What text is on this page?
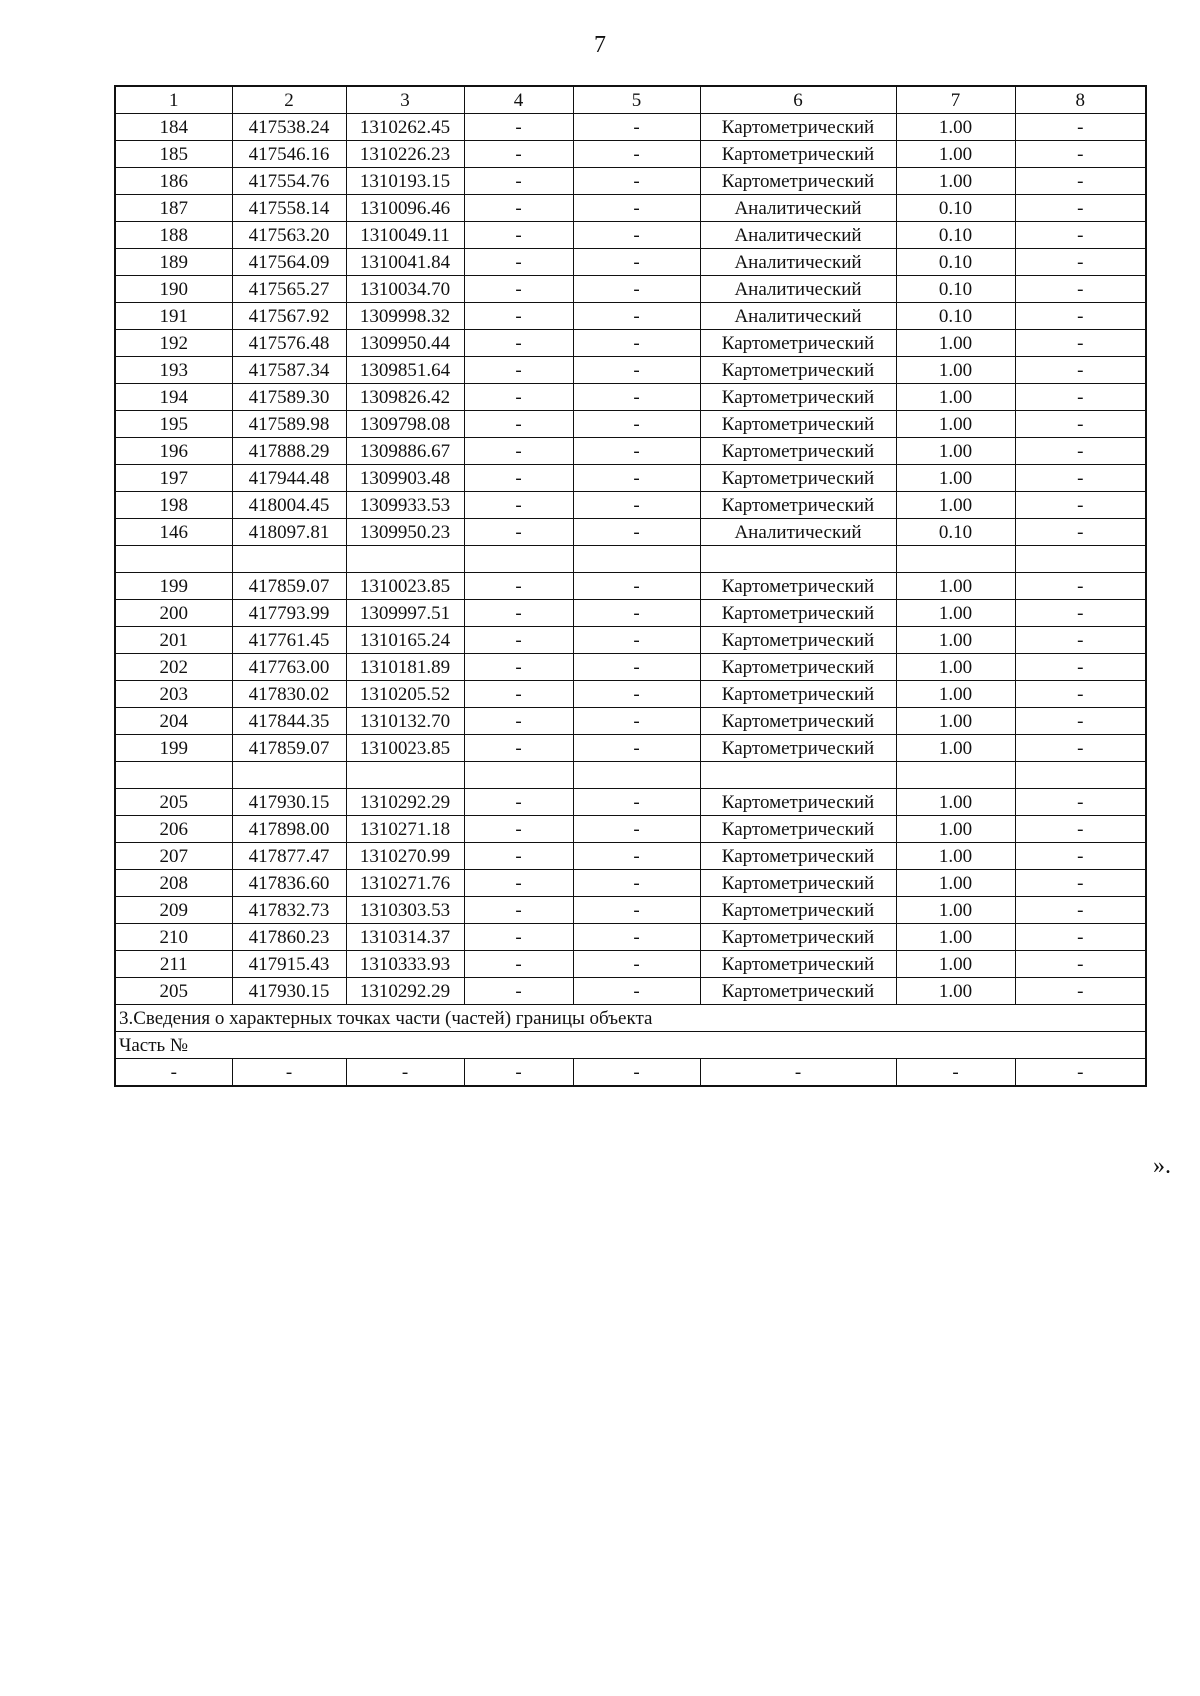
7
1	2	3	4	5	6	7	8
184	417538.24	1310262.45	-	-	Картометрический	1.00	-
185	417546.16	1310226.23	-	-	Картометрический	1.00	-
186	417554.76	1310193.15	-	-	Картометрический	1.00	-
187	417558.14	1310096.46	-	-	Аналитический	0.10	-
188	417563.20	1310049.11	-	-	Аналитический	0.10	-
189	417564.09	1310041.84	-	-	Аналитический	0.10	-
190	417565.27	1310034.70	-	-	Аналитический	0.10	-
191	417567.92	1309998.32	-	-	Аналитический	0.10	-
192	417576.48	1309950.44	-	-	Картометрический	1.00	-
193	417587.34	1309851.64	-	-	Картометрический	1.00	-
194	417589.30	1309826.42	-	-	Картометрический	1.00	-
195	417589.98	1309798.08	-	-	Картометрический	1.00	-
196	417888.29	1309886.67	-	-	Картометрический	1.00	-
197	417944.48	1309903.48	-	-	Картометрический	1.00	-
198	418004.45	1309933.53	-	-	Картометрический	1.00	-
146	418097.81	1309950.23	-	-	Аналитический	0.10	-

199	417859.07	1310023.85	-	-	Картометрический	1.00	-
200	417793.99	1309997.51	-	-	Картометрический	1.00	-
201	417761.45	1310165.24	-	-	Картометрический	1.00	-
202	417763.00	1310181.89	-	-	Картометрический	1.00	-
203	417830.02	1310205.52	-	-	Картометрический	1.00	-
204	417844.35	1310132.70	-	-	Картометрический	1.00	-
199	417859.07	1310023.85	-	-	Картометрический	1.00	-

205	417930.15	1310292.29	-	-	Картометрический	1.00	-
206	417898.00	1310271.18	-	-	Картометрический	1.00	-
207	417877.47	1310270.99	-	-	Картометрический	1.00	-
208	417836.60	1310271.76	-	-	Картометрический	1.00	-
209	417832.73	1310303.53	-	-	Картометрический	1.00	-
210	417860.23	1310314.37	-	-	Картометрический	1.00	-
211	417915.43	1310333.93	-	-	Картометрический	1.00	-
205	417930.15	1310292.29	-	-	Картометрический	1.00	-
3.Сведения о характерных точках части (частей) границы объекта							
Часть №							
-	-	-	-	-	-	-	-
».
